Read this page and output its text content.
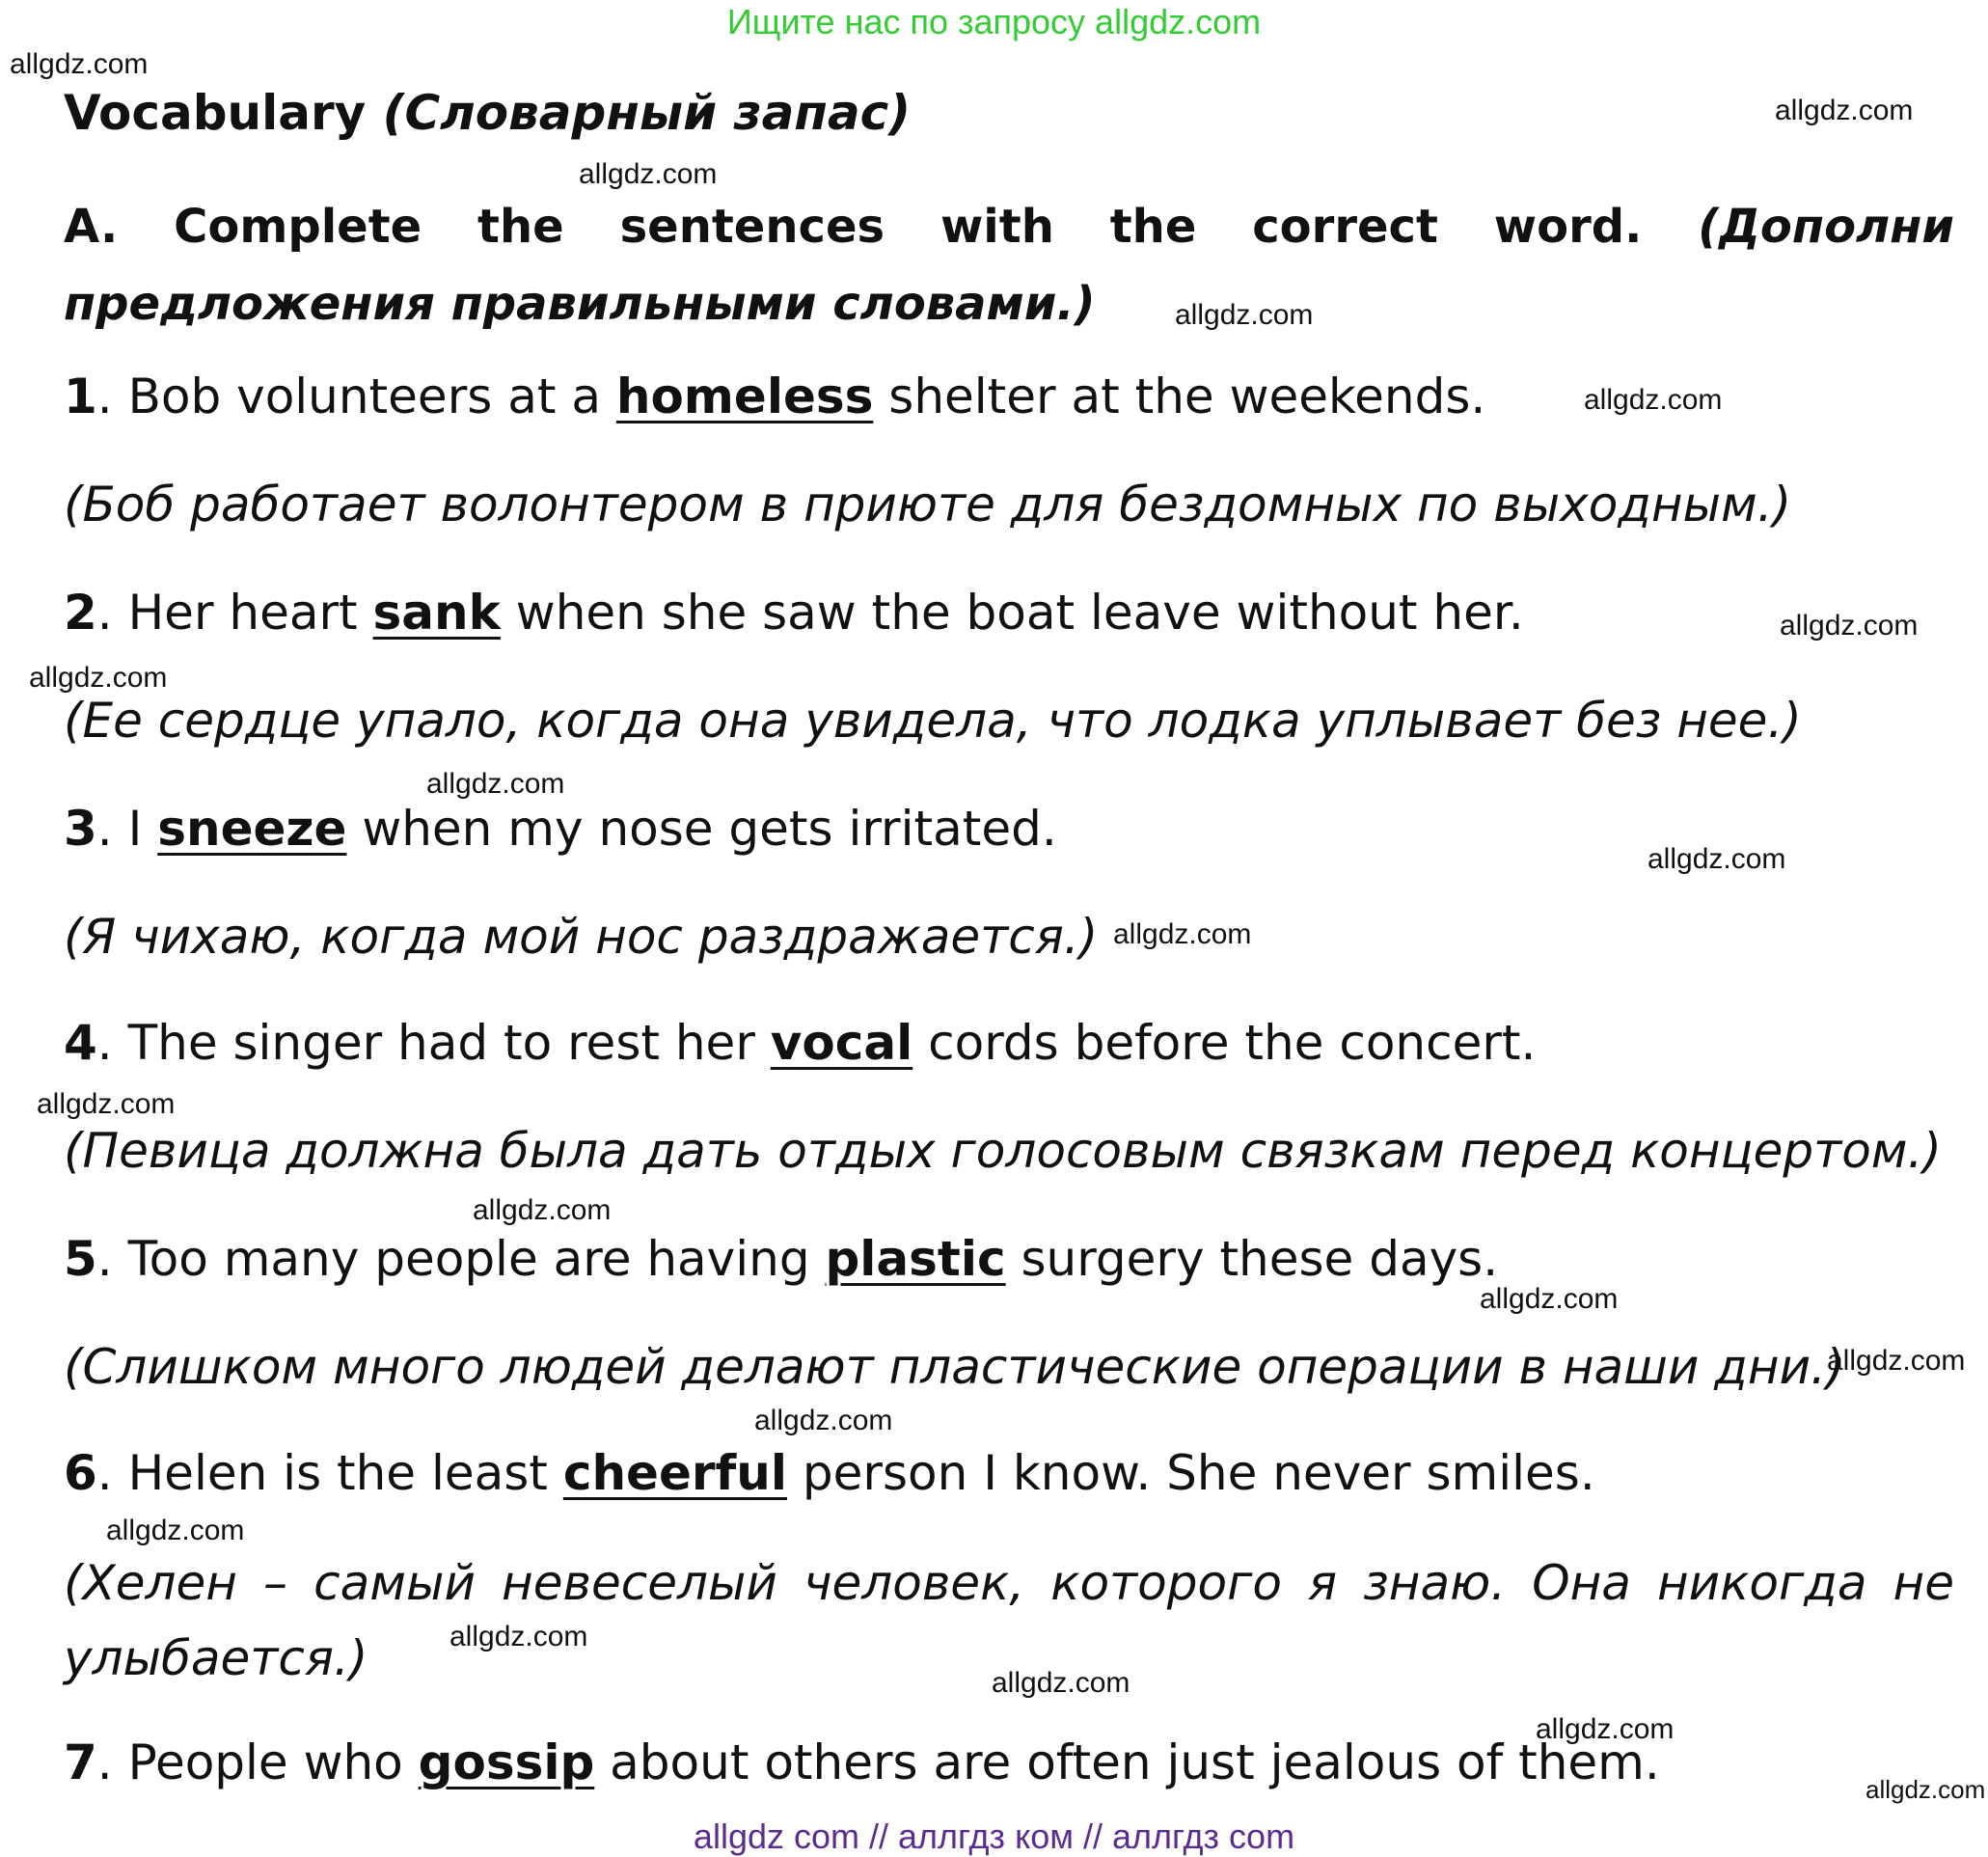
Ищите нас по запросу allgdz.com
allgdz.com
allgdz.com
allgdz.com
allgdz.com
allgdz.com
allgdz.com
allgdz.com
allgdz.com
allgdz.com
allgdz.com
allgdz.com
allgdz.com
allgdz.com
allgdz.com
allgdz.com
allgdz.com
allgdz.com
allgdz.com
allgdz.com
allgdz.com
Vocabulary (Словарный запас)
A. Complete the sentences with the correct word. (Дополни предложения правильными словами.)
1. Bob volunteers at a homeless shelter at the weekends.
(Боб работает волонтером в приюте для бездомных по выходным.)
2. Her heart sank when she saw the boat leave without her.
(Ее сердце упало, когда она увидела, что лодка уплывает без нее.)
3. I sneeze when my nose gets irritated.
(Я чихаю, когда мой нос раздражается.)
4. The singer had to rest her vocal cords before the concert.
(Певица должна была дать отдых голосовым связкам перед концертом.)
5. Too many people are having plastic surgery these days.
(Слишком много людей делают пластические операции в наши дни.)
6. Helen is the least cheerful person I know. She never smiles.
(Хелен – самый невеселый человек, которого я знаю. Она никогда не улыбается.)
7. People who gossip about others are often just jealous of them.
allgdz com // аллгдз ком // аллгдз com
